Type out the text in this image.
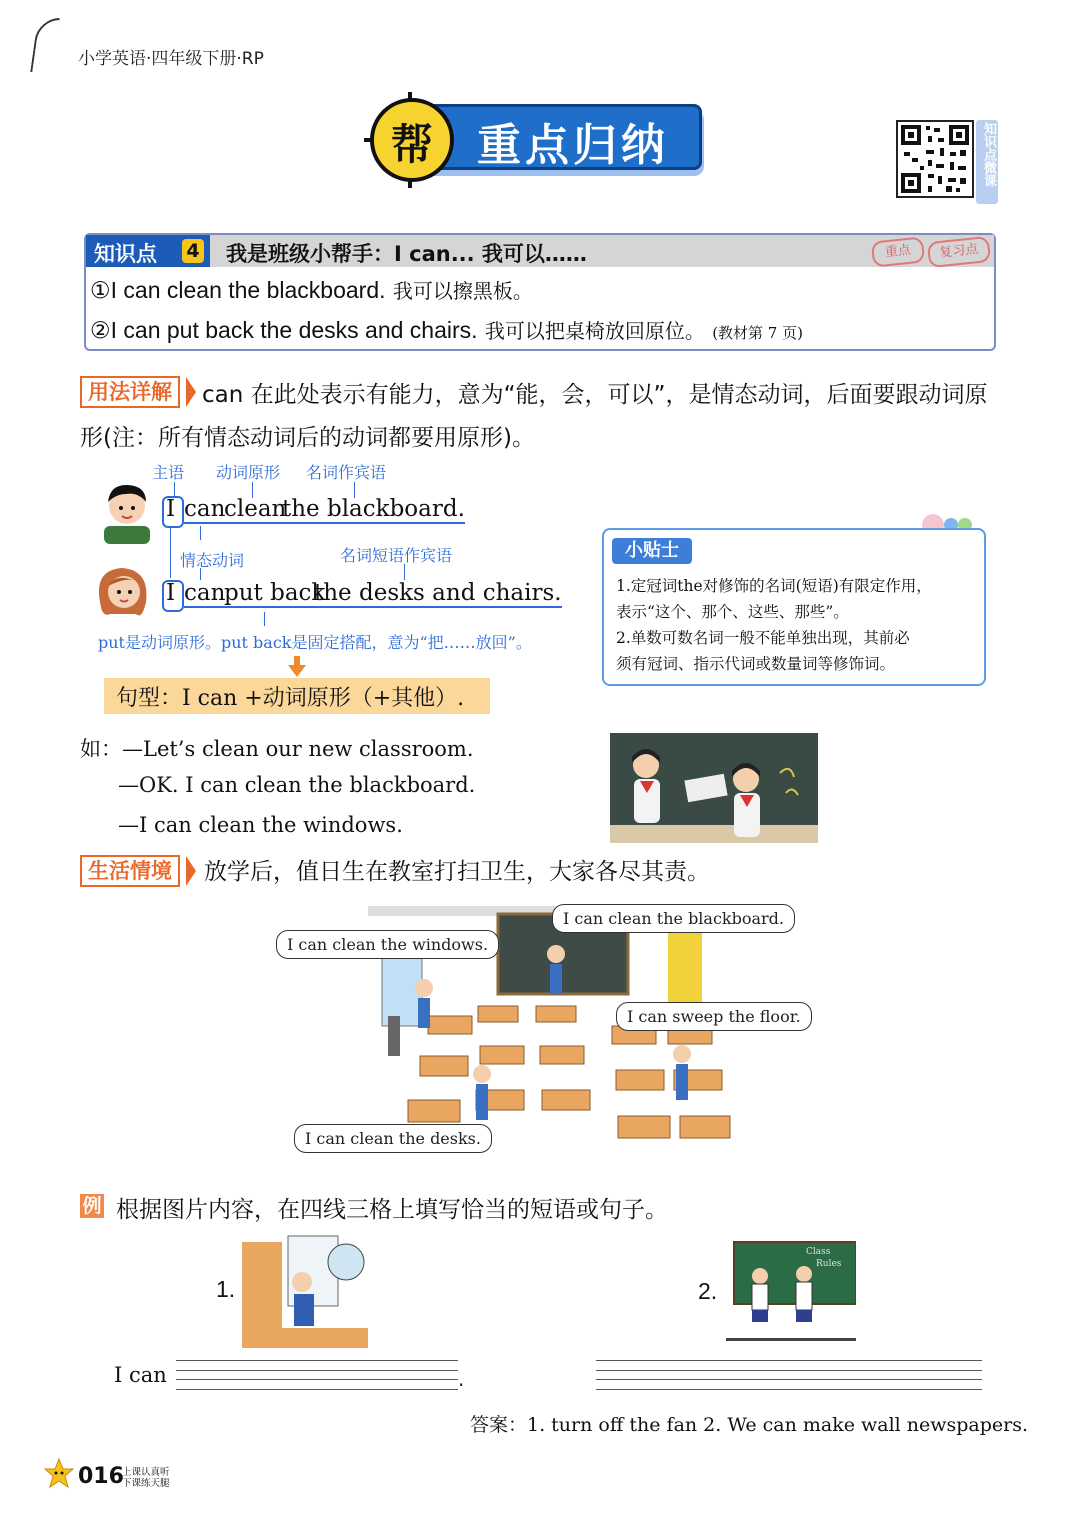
小学英语·四年级下册·RP
重点归纳
帮	知识点微课
知识点 4 我是班级小帮手：I can... 我可以……	重点	复习点
①I can clean the blackboard. 我可以擦黑板。
②I can put back the desks and chairs. 我可以把桌椅放回原位。 (教材第 7 页)
用法详解	can 在此处表示有能力，意为“能，会，可以”，是情态动词，后面要跟动词原形(注：所有情态动词后的动词都要用原形)。
主语 动词原形 名词作宾语
I can
clean
the blackboard.
情态动词	名词短语作宾语
I can
put back
the desks and chairs.
put是动词原形。put back是固定搭配，意为“把……放回”。
句型：I can +动词原形（+其他）.
小贴士
1.定冠词the对修饰的名词(短语)有限定作用，
表示“这个、那个、这些、那些”。
2.单数可数名词一般不能单独出现，其前必
须有冠词、指示代词或数量词等修饰词。
如：—Let’s clean our new classroom.
—OK. I can clean the blackboard.
—I can clean the windows.
生活情境	放学后，值日生在教室打扫卫生，大家各尽其责。
I can clean the windows.
I can clean the blackboard.
I can sweep the floor.
I can clean the desks.
例 根据图片内容，在四线三格上填写恰当的短语或句子。
1.	2.
Class
Rules
I can	.
答案：1. turn off the fan 2. We can make wall newspapers.
016
上课认真听
下课练天腿
